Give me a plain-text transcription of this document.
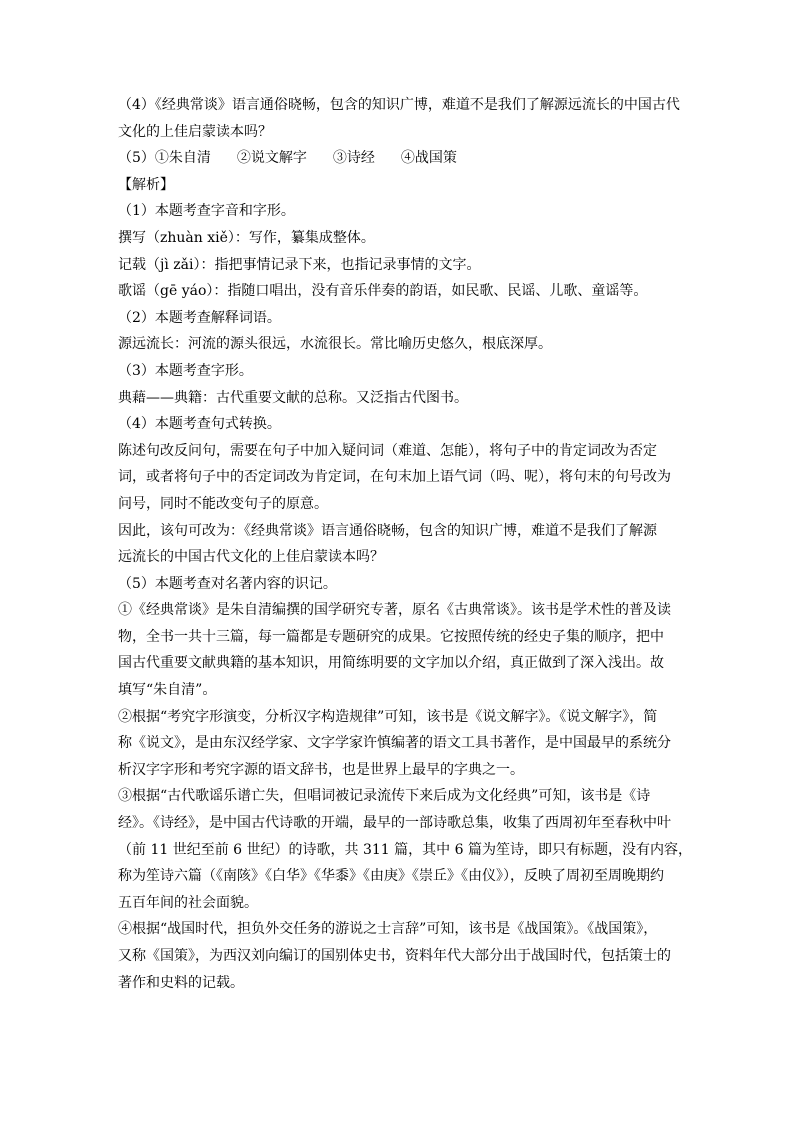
（4）《经典常谈》语言通俗晓畅，包含的知识广博，难道不是我们了解源远流长的中国古代
文化的上佳启蒙读本吗？
（5）①朱自清 ②说文解字 ③诗经 ④战国策
【解析】
（1）本题考查字音和字形。
撰写（zhuàn xiě）：写作，纂集成整体。
记载（jì zǎi）：指把事情记录下来，也指记录事情的文字。
歌谣（gē yáo）：指随口唱出，没有音乐伴奏的韵语，如民歌、民谣、儿歌、童谣等。
（2）本题考查解释词语。
源远流长：河流的源头很远，水流很长。常比喻历史悠久，根底深厚。
（3）本题考查字形。
典藉——典籍：古代重要文献的总称。又泛指古代图书。
（4）本题考查句式转换。
陈述句改反问句，需要在句子中加入疑问词（难道、怎能），将句子中的肯定词改为否定
词，或者将句子中的否定词改为肯定词，在句末加上语气词（吗、呢），将句末的句号改为
问号，同时不能改变句子的原意。
因此，该句可改为：《经典常谈》语言通俗晓畅，包含的知识广博，难道不是我们了解源
远流长的中国古代文化的上佳启蒙读本吗？
（5）本题考查对名著内容的识记。
①《经典常谈》是朱自清编撰的国学研究专著，原名《古典常谈》。该书是学术性的普及读
物，全书一共十三篇，每一篇都是专题研究的成果。它按照传统的经史子集的顺序，把中
国古代重要文献典籍的基本知识，用简练明要的文字加以介绍，真正做到了深入浅出。故
填写“朱自清”。
②根据“考究字形演变，分析汉字构造规律”可知，该书是《说文解字》。《说文解字》，简
称《说文》，是由东汉经学家、文字学家许慎编著的语文工具书著作，是中国最早的系统分
析汉字字形和考究字源的语文辞书，也是世界上最早的字典之一。
③根据“古代歌谣乐谱亡失，但唱词被记录流传下来后成为文化经典”可知，该书是《诗
经》。《诗经》，是中国古代诗歌的开端，最早的一部诗歌总集，收集了西周初年至春秋中叶
（前 11 世纪至前 6 世纪）的诗歌，共 311 篇，其中 6 篇为笙诗，即只有标题，没有内容，
称为笙诗六篇（《南陔》《白华》《华黍》《由庚》《崇丘》《由仪》），反映了周初至周晚期约
五百年间的社会面貌。
④根据“战国时代，担负外交任务的游说之士言辞”可知，该书是《战国策》。《战国策》，
又称《国策》，为西汉刘向编订的国别体史书，资料年代大部分出于战国时代，包括策士的
著作和史料的记载。
